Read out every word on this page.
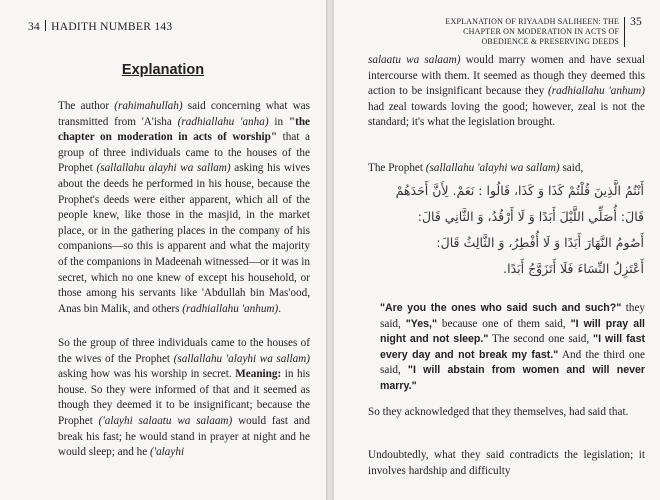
34 HADITH NUMBER 143
Explanation

The author (rahimahullah) said concerning what was transmitted from 'A'isha (radhiallahu 'anha) in "the chapter on moderation in acts of worship" that a group of three individuals came to the houses of the Prophet (sallallahu alayhi wa sallam) asking his wives about the deeds he performed in his house, because the Prophet's deeds were either apparent, which all of the people knew, like those in the masjid, in the market place, or in the gathering places in the company of his companions—so this is apparent and what the majority of the companions in Madeenah witnessed—or it was in secret, which no one knew of except his household, or those among his servants like 'Abdullah bin Mas'ood, Anas bin Malik, and others (radhiallahu 'anhum).

So the group of three individuals came to the houses of the wives of the Prophet (sallallahu 'alayhi wa sallam) asking how was his worship in secret. Meaning: in his house. So they were informed of that and it seemed as though they deemed it to be insignificant; because the Prophet ('alayhi salaatu wa salaam) would fast and break his fast; he would stand in prayer at night and he would sleep; and he ('alayhi

EXPLANATION OF RIYAADH SALIHEEN: THE
CHAPTER ON MODERATION IN ACTS OF
OBEDIENCE & PRESERVING DEEDS35

salaatu wa salaam) would marry women and have sexual intercourse with them. It seemed as though they deemed this action to be insignificant because they (radhiallahu 'anhum) had zeal towards loving the good; however, zeal is not the standard; it's what the legislation brought.

The Prophet (sallallahu 'alayhi wa sallam) said,

أَنْتُمُ الَّذِينَ قُلْتُمْ كَذَا وَ كَذَا، قَالُوا : نَعَمْ. لِأَنَّ أَحَدَهُمْ
قَالَ: أُصَلِّي اللَّيْلَ أَبَدًا وَ لَا أَرْقُدُ، وَ الثَّانِي قَالَ:
أَصُومُ النَّهَارَ أَبَدًا وَ لَا أُفْطِرُ، وَ الثَّالِثُ قَالَ:
أَعْتَزِلُ النِّسَاءَ فَلَا أَتَزَوَّجُ أَبَدًا.

"Are you the ones who said such and such?" they said, "Yes," because one of them said, "I will pray all night and not sleep." The second one said, "I will fast every day and not break my fast." And the third one said, "I will abstain from women and will never marry."

So they acknowledged that they themselves, had said that.

Undoubtedly, what they said contradicts the legislation; it involves hardship and difficulty
